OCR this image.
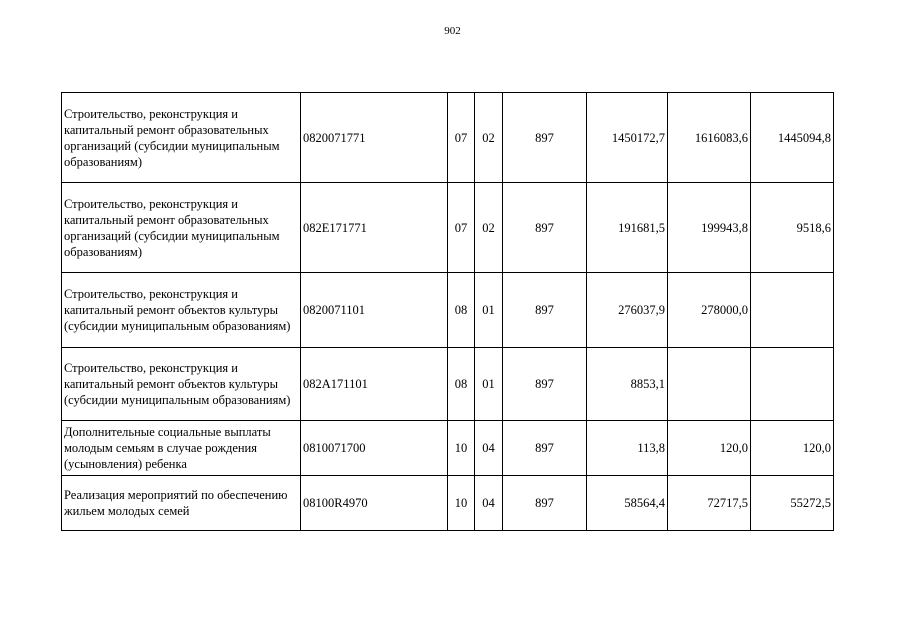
902
Строительство, реконструкция и капитальный ремонт образовательных организаций (субсидии муниципальным образованиям)	0820071771	07	02	897	1450172,7	1616083,6	1445094,8
Строительство, реконструкция и капитальный ремонт образовательных организаций (субсидии муниципальным образованиям)	082E171771	07	02	897	191681,5	199943,8	9518,6
Строительство, реконструкция и капитальный ремонт объектов культуры (субсидии муниципальным образованиям)	0820071101	08	01	897	276037,9	278000,0	
Строительство, реконструкция и капитальный ремонт объектов культуры (субсидии муниципальным образованиям)	082A171101	08	01	897	8853,1		
Дополнительные социальные выплаты молодым семьям в случае рождения (усыновления) ребенка	0810071700	10	04	897	113,8	120,0	120,0
Реализация мероприятий по обеспечению жильем молодых семей	08100R4970	10	04	897	58564,4	72717,5	55272,5
